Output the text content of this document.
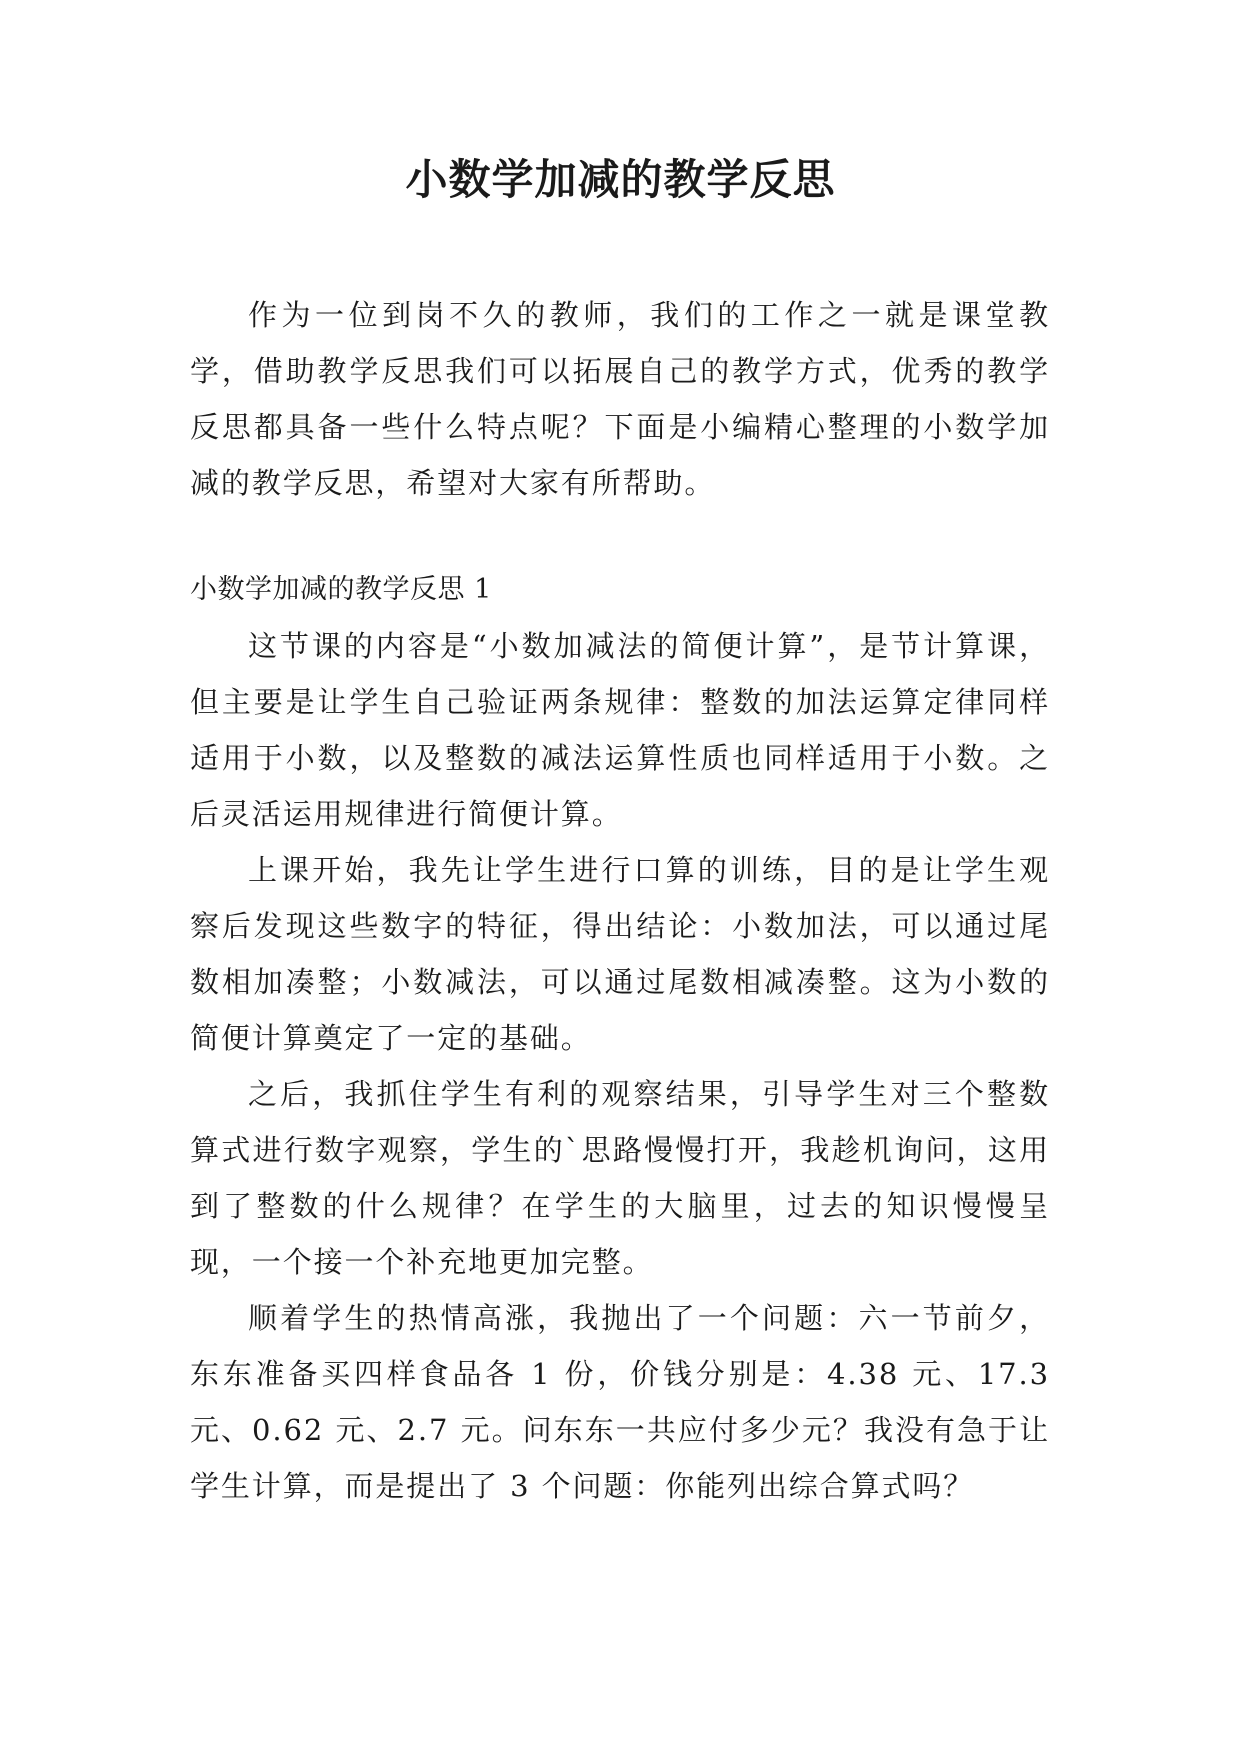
小数学加减的教学反思

作为一位到岗不久的教师，我们的工作之一就是课堂教学，借助教学反思我们可以拓展自己的教学方式，优秀的教学反思都具备一些什么特点呢？下面是小编精心整理的小数学加减的教学反思，希望对大家有所帮助。

小数学加减的教学反思 1

这节课的内容是“小数加减法的简便计算”，是节计算课，但主要是让学生自己验证两条规律：整数的加法运算定律同样适用于小数，以及整数的减法运算性质也同样适用于小数。之后灵活运用规律进行简便计算。

上课开始，我先让学生进行口算的训练，目的是让学生观察后发现这些数字的特征，得出结论：小数加法，可以通过尾数相加凑整；小数减法，可以通过尾数相减凑整。这为小数的简便计算奠定了一定的基础。

之后，我抓住学生有利的观察结果，引导学生对三个整数算式进行数字观察，学生的`思路慢慢打开，我趁机询问，这用到了整数的什么规律？在学生的大脑里，过去的知识慢慢呈现，一个接一个补充地更加完整。

顺着学生的热情高涨，我抛出了一个问题：六一节前夕，东东准备买四样食品各 1 份，价钱分别是：4.38 元、17.3 元、0.62 元、2.7 元。问东东一共应付多少元？我没有急于让学生计算，而是提出了 3 个问题：你能列出综合算式吗？
